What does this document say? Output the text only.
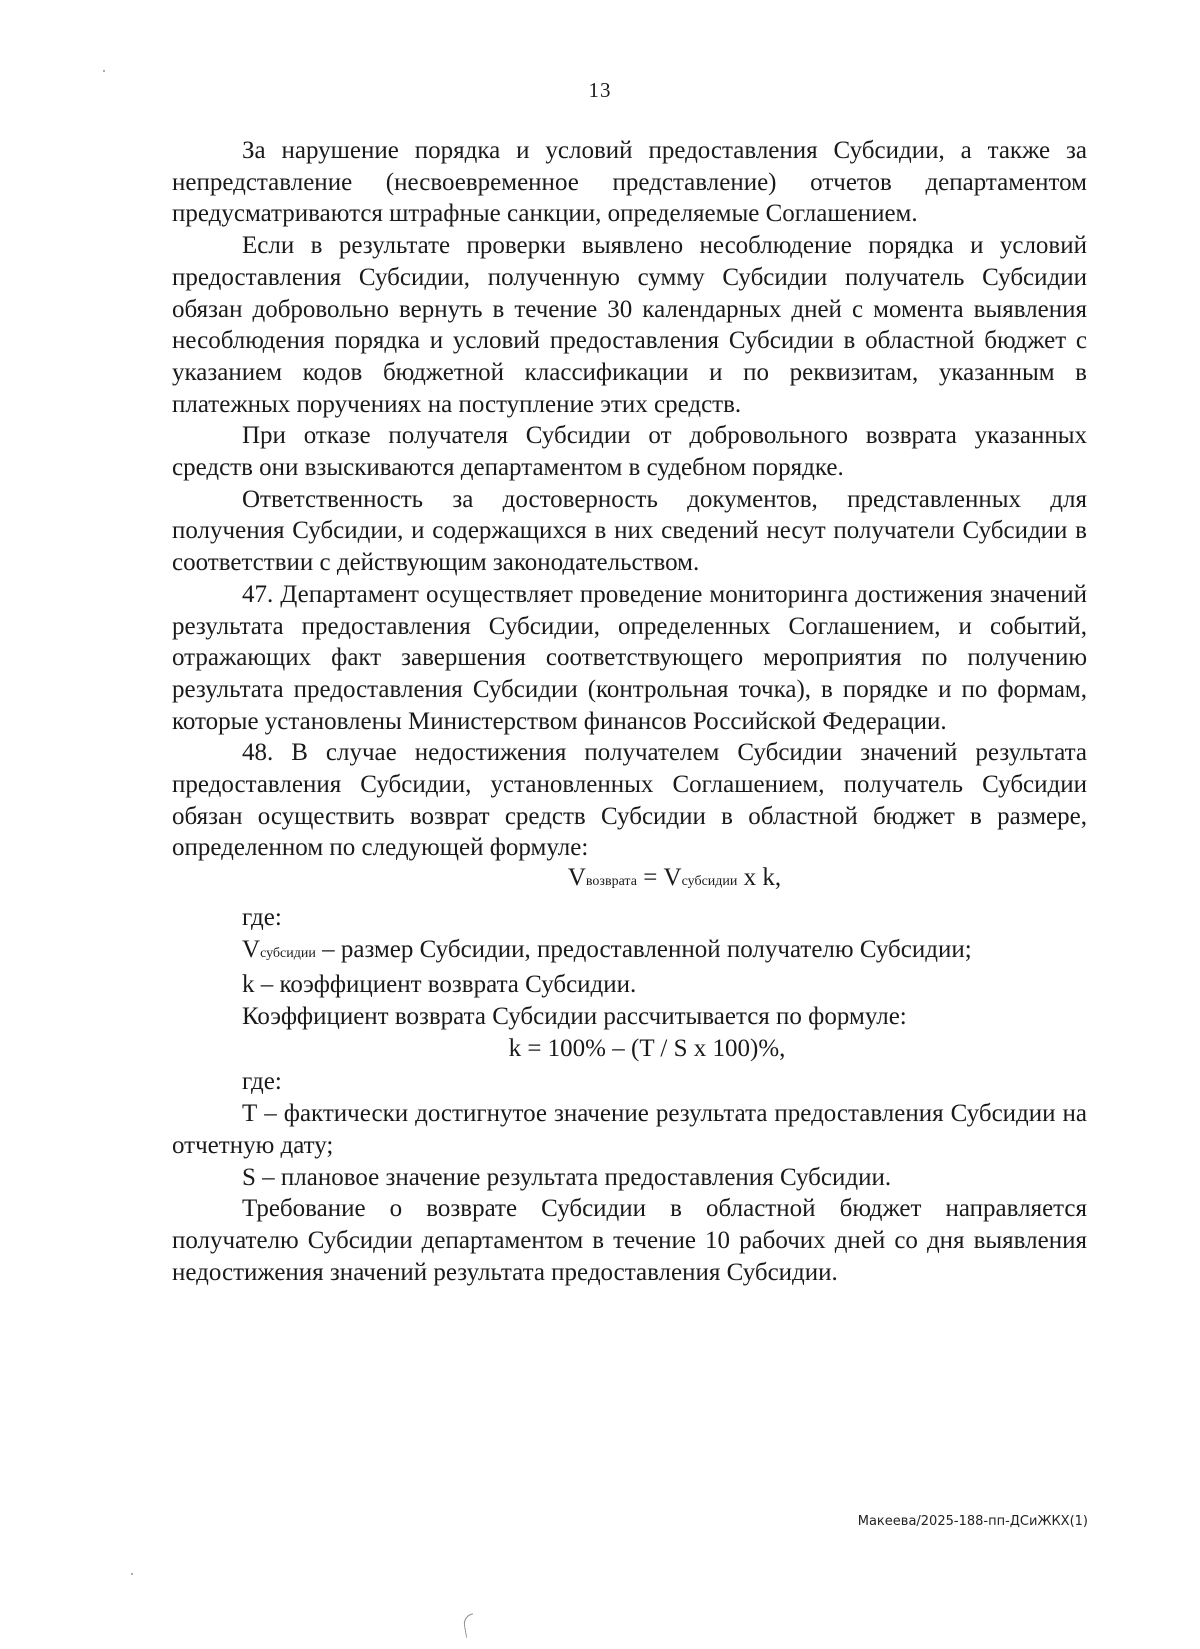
13

За нарушение порядка и условий предоставления Субсидии, а также за непредставление (несвоевременное представление) отчетов департаментом предусматриваются штрафные санкции, определяемые Соглашением.

Если в результате проверки выявлено несоблюдение порядка и условий предоставления Субсидии, полученную сумму Субсидии получатель Субсидии обязан добровольно вернуть в течение 30 календарных дней с момента выявления несоблюдения порядка и условий предоставления Субсидии в областной бюджет с указанием кодов бюджетной классификации и по реквизитам, указанным в платежных поручениях на поступление этих средств.

При отказе получателя Субсидии от добровольного возврата указанных средств они взыскиваются департаментом в судебном порядке.

Ответственность за достоверность документов, представленных для получения Субсидии, и содержащихся в них сведений несут получатели Субсидии в соответствии с действующим законодательством.

47. Департамент осуществляет проведение мониторинга достижения значений результата предоставления Субсидии, определенных Соглашением, и событий, отражающих факт завершения соответствующего мероприятия по получению результата предоставления Субсидии (контрольная точка), в порядке и по формам, которые установлены Министерством финансов Российской Федерации.

48. В случае недостижения получателем Субсидии значений результата предоставления Субсидии, установленных Соглашением, получатель Субсидии обязан осуществить возврат средств Субсидии в областной бюджет в размере, определенном по следующей формуле:

Vвозврата = Vсубсидии x k,
где:

Vсубсидии – размер Субсидии, предоставленной получателю Субсидии;

k – коэффициент возврата Субсидии.

Коэффициент возврата Субсидии рассчитывается по формуле:

k = 100% – (T / S x 100)%,
где:

Т – фактически достигнутое значение результата предоставления Субсидии на отчетную дату;

S – плановое значение результата предоставления Субсидии.

Требование о возврате Субсидии в областной бюджет направляется получателю Субсидии департаментом в течение 10 рабочих дней со дня выявления недостижения значений результата предоставления Субсидии.

Макеева/2025-188-пп-ДСиЖКХ(1)
